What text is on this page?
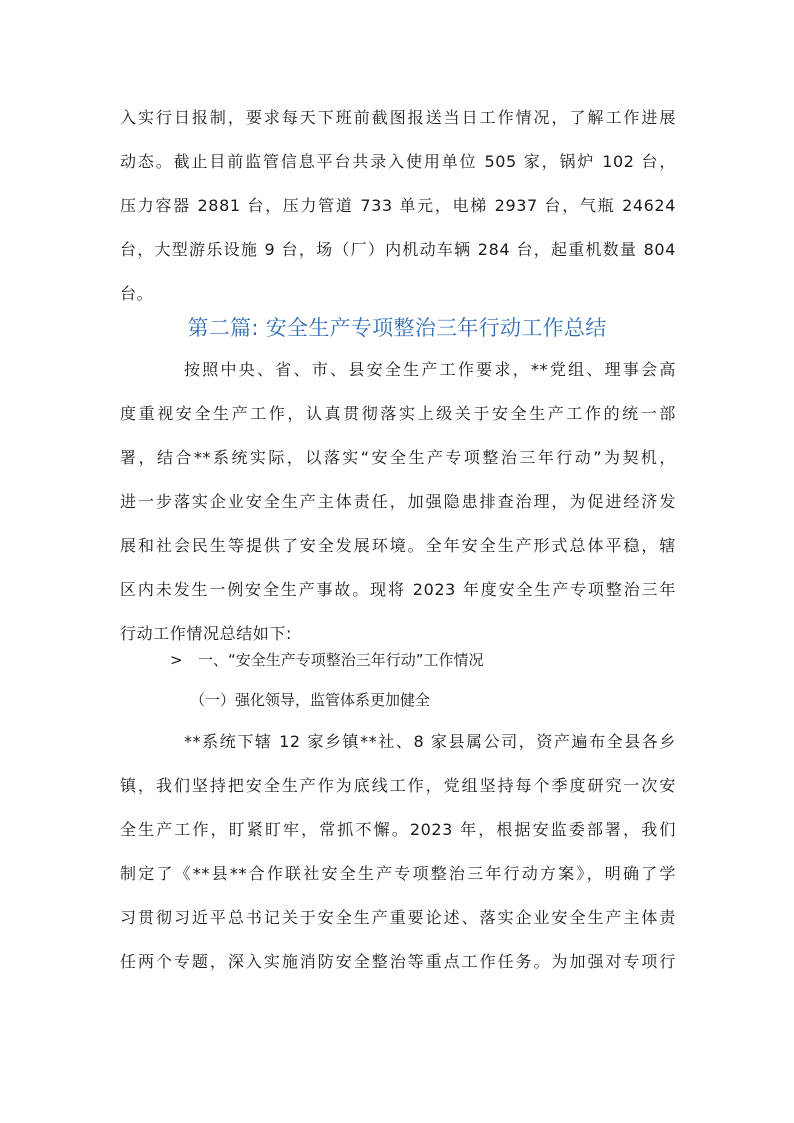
入实行日报制，要求每天下班前截图报送当日工作情况，了解工作进展
动态。截止目前监管信息平台共录入使用单位 505 家，锅炉 102 台，
压力容器 2881 台，压力管道 733 单元，电梯 2937 台，气瓶 24624
台，大型游乐设施 9 台，场（厂）内机动车辆 284 台，起重机数量 804
台。
第二篇: 安全生产专项整治三年行动工作总结
按照中央、省、市、县安全生产工作要求，**党组、理事会高
度重视安全生产工作，认真贯彻落实上级关于安全生产工作的统一部
署，结合**系统实际，以落实“安全生产专项整治三年行动”为契机，
进一步落实企业安全生产主体责任，加强隐患排查治理，为促进经济发
展和社会民生等提供了安全发展环境。全年安全生产形式总体平稳，辖
区内未发生一例安全生产事故。现将 2023 年度安全生产专项整治三年
行动工作情况总结如下:
> 一、“安全生产专项整治三年行动”工作情况
（一）强化领导，监管体系更加健全
**系统下辖 12 家乡镇**社、8 家县属公司，资产遍布全县各乡
镇，我们坚持把安全生产作为底线工作，党组坚持每个季度研究一次安
全生产工作，盯紧盯牢，常抓不懈。2023 年，根据安监委部署，我们
制定了《**县**合作联社安全生产专项整治三年行动方案》，明确了学
习贯彻习近平总书记关于安全生产重要论述、落实企业安全生产主体责
任两个专题，深入实施消防安全整治等重点工作任务。为加强对专项行
